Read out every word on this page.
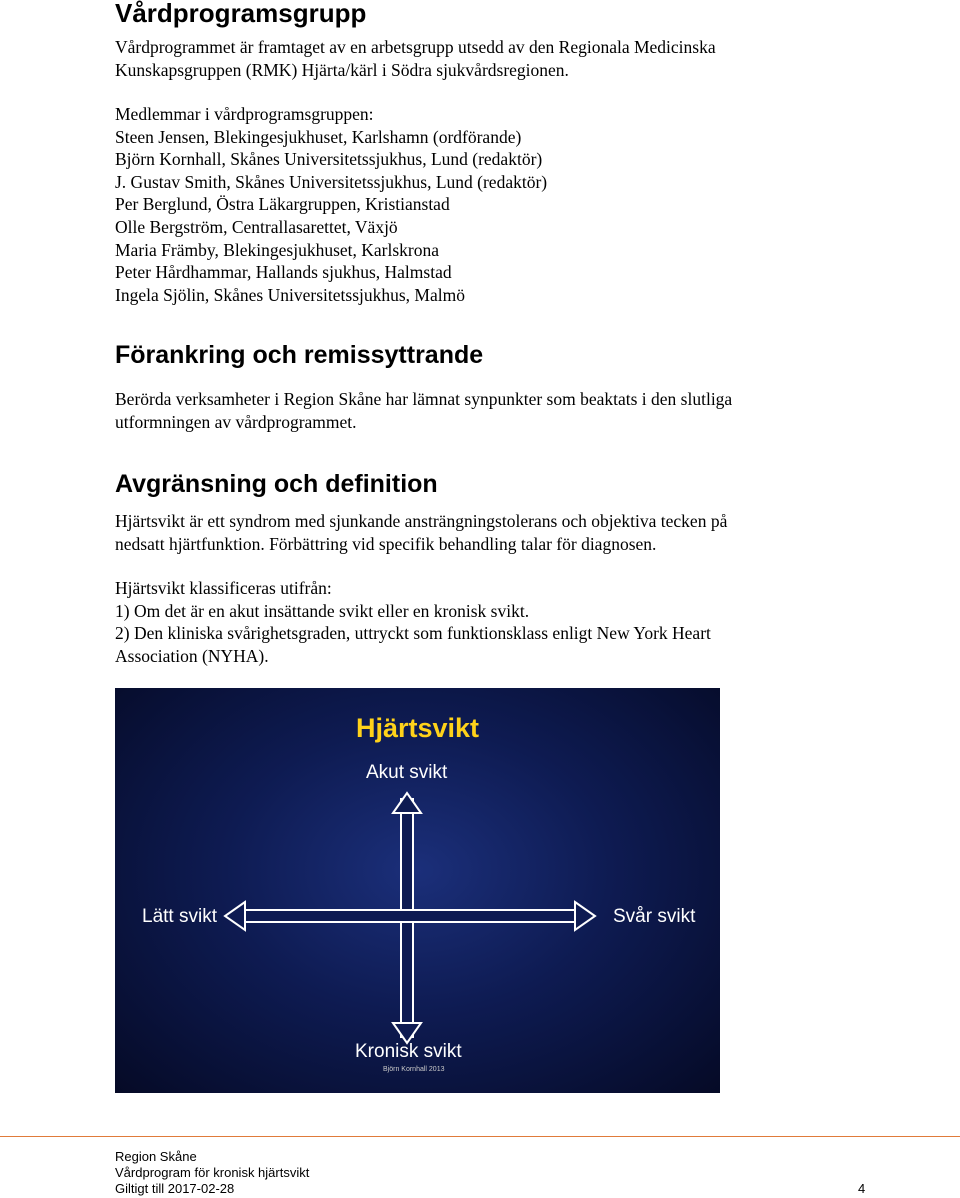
Vårdprogramsgrupp
Vårdprogrammet är framtaget av en arbetsgrupp utsedd av den Regionala Medicinska
Kunskapsgruppen (RMK) Hjärta/kärl i Södra sjukvårdsregionen.
Medlemmar i vårdprogramsgruppen:
Steen Jensen, Blekingesjukhuset, Karlshamn (ordförande)
Björn Kornhall, Skånes Universitetssjukhus, Lund (redaktör)
J. Gustav Smith, Skånes Universitetssjukhus, Lund (redaktör)
Per Berglund, Östra Läkargruppen, Kristianstad
Olle Bergström, Centrallasarettet, Växjö
Maria Främby, Blekingesjukhuset, Karlskrona
Peter Hårdhammar, Hallands sjukhus, Halmstad
Ingela Sjölin, Skånes Universitetssjukhus, Malmö
Förankring och remissyttrande
Berörda verksamheter i Region Skåne har lämnat synpunkter som beaktats i den slutliga
utformningen av vårdprogrammet.
Avgränsning och definition
Hjärtsvikt är ett syndrom med sjunkande ansträngningstolerans och objektiva tecken på
nedsatt hjärtfunktion. Förbättring vid specifik behandling talar för diagnosen.
Hjärtsvikt klassificeras utifrån:
1) Om det är en akut insättande svikt eller en kronisk svikt.
2) Den kliniska svårighetsgraden, uttryckt som funktionsklass enligt New York Heart
Association (NYHA).
Hjärtsvikt
Akut svikt
Kronisk svikt
Lätt svikt	Svår svikt
Björn Kornhall 2013
Region Skåne
Vårdprogram för kronisk hjärtsvikt
Giltigt till 2017-02-28	4
